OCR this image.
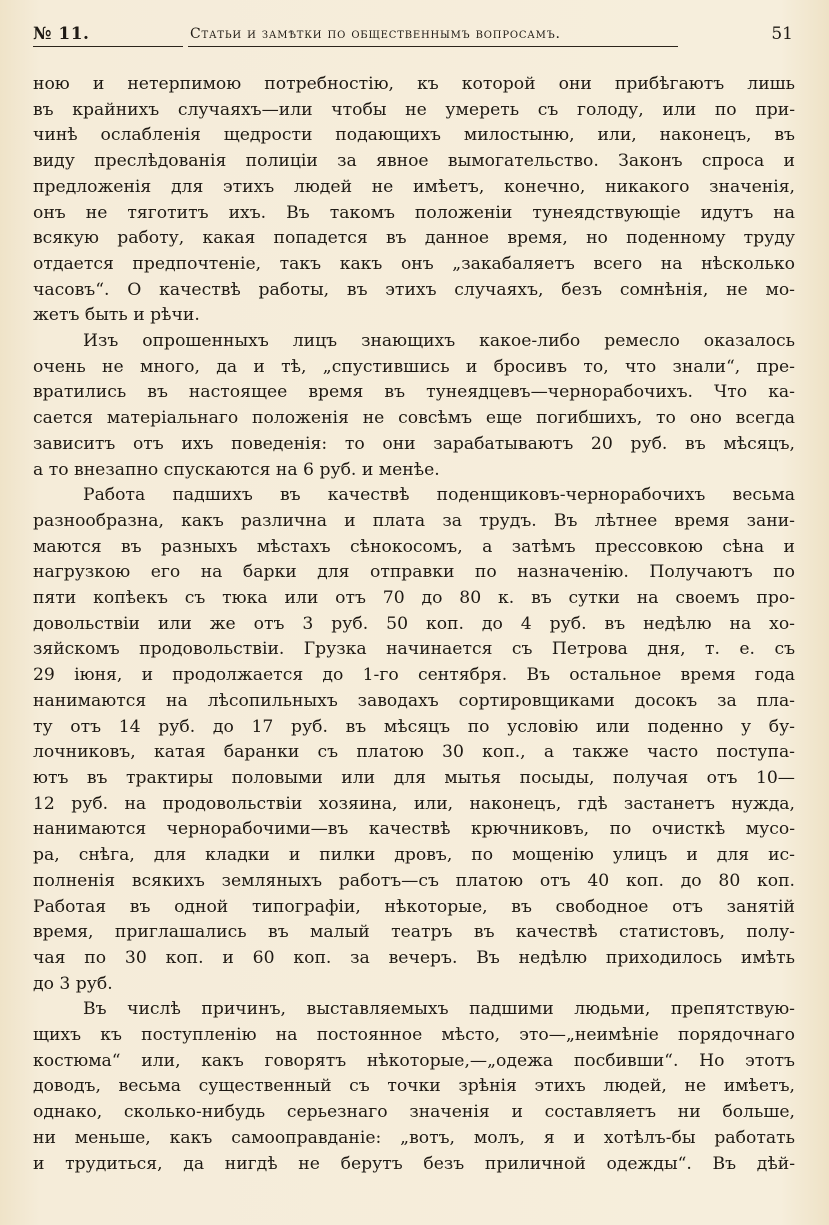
№ 11.	Статьи и замѣтки по общественнымъ вопросамъ.	51
ною и нетерпимою потребностію, къ которой они прибѣгаютъ лишь
въ крайнихъ случаяхъ—или чтобы не умереть съ голоду, или по при-
чинѣ ослабленія щедрости подающихъ милостыню, или, наконецъ, въ
виду преслѣдованія полиціи за явное вымогательство. Законъ спроса и
предложенія для этихъ людей не имѣетъ, конечно, никакого значенія,
онъ не тяготитъ ихъ. Въ такомъ положеніи тунеядствующіе идутъ на
всякую работу, какая попадется въ данное время, но поденному труду
отдается предпочтеніе, такъ какъ онъ „закабаляетъ всего на нѣсколько
часовъ“. О качествѣ работы, въ этихъ случаяхъ, безъ сомнѣнія, не мо-
жетъ быть и рѣчи.
Изъ опрошенныхъ лицъ знающихъ какое-либо ремесло оказалось
очень не много, да и тѣ, „спустившись и бросивъ то, что знали“, пре-
вратились въ настоящее время въ тунеядцевъ—чернорабочихъ. Что ка-
сается матеріальнаго положенія не совсѣмъ еще погибшихъ, то оно всегда
зависитъ отъ ихъ поведенія: то они зарабатываютъ 20 руб. въ мѣсяцъ,
а то внезапно спускаются на 6 руб. и менѣе.
Работа падшихъ въ качествѣ поденщиковъ-чернорабочихъ весьма
разнообразна, какъ различна и плата за трудъ. Въ лѣтнее время зани-
маются въ разныхъ мѣстахъ сѣнокосомъ, а затѣмъ прессовкою сѣна и
нагрузкою его на барки для отправки по назначенію. Получаютъ по
пяти копѣекъ съ тюка или отъ 70 до 80 к. въ сутки на своемъ про-
довольствіи или же отъ 3 руб. 50 коп. до 4 руб. въ недѣлю на хо-
зяйскомъ продовольствіи. Грузка начинается съ Петрова дня, т. е. съ
29 іюня, и продолжается до 1-го сентября. Въ остальное время года
нанимаются на лѣсопильныхъ заводахъ сортировщиками досокъ за пла-
ту отъ 14 руб. до 17 руб. въ мѣсяцъ по условію или поденно у бу-
лочниковъ, катая баранки съ платою 30 коп., а также часто поступа-
ютъ въ трактиры половыми или для мытья посыды, получая отъ 10—
12 руб. на продовольствіи хозяина, или, наконецъ, гдѣ застанетъ нужда,
нанимаются чернорабочими—въ качествѣ крючниковъ, по очисткѣ мусо-
ра, снѣга, для кладки и пилки дровъ, по мощенію улицъ и для ис-
полненія всякихъ земляныхъ работъ—съ платою отъ 40 коп. до 80 коп.
Работая въ одной типографіи, нѣкоторые, въ свободное отъ занятій
время, приглашались въ малый театръ въ качествѣ статистовъ, полу-
чая по 30 коп. и 60 коп. за вечеръ. Въ недѣлю приходилось имѣть
до 3 руб.
Въ числѣ причинъ, выставляемыхъ падшими людьми, препятствую-
щихъ къ поступленію на постоянное мѣсто, это—„неимѣніе порядочнаго
костюма“ или, какъ говорятъ нѣкоторые,—„одежа посбивши“. Но этотъ
доводъ, весьма существенный съ точки зрѣнія этихъ людей, не имѣетъ,
однако, сколько-нибудь серьезнаго значенія и составляетъ ни больше,
ни меньше, какъ самооправданіе: „вотъ, молъ, я и хотѣлъ-бы работать
и трудиться, да нигдѣ не берутъ безъ приличной одежды“. Въ дѣй-
